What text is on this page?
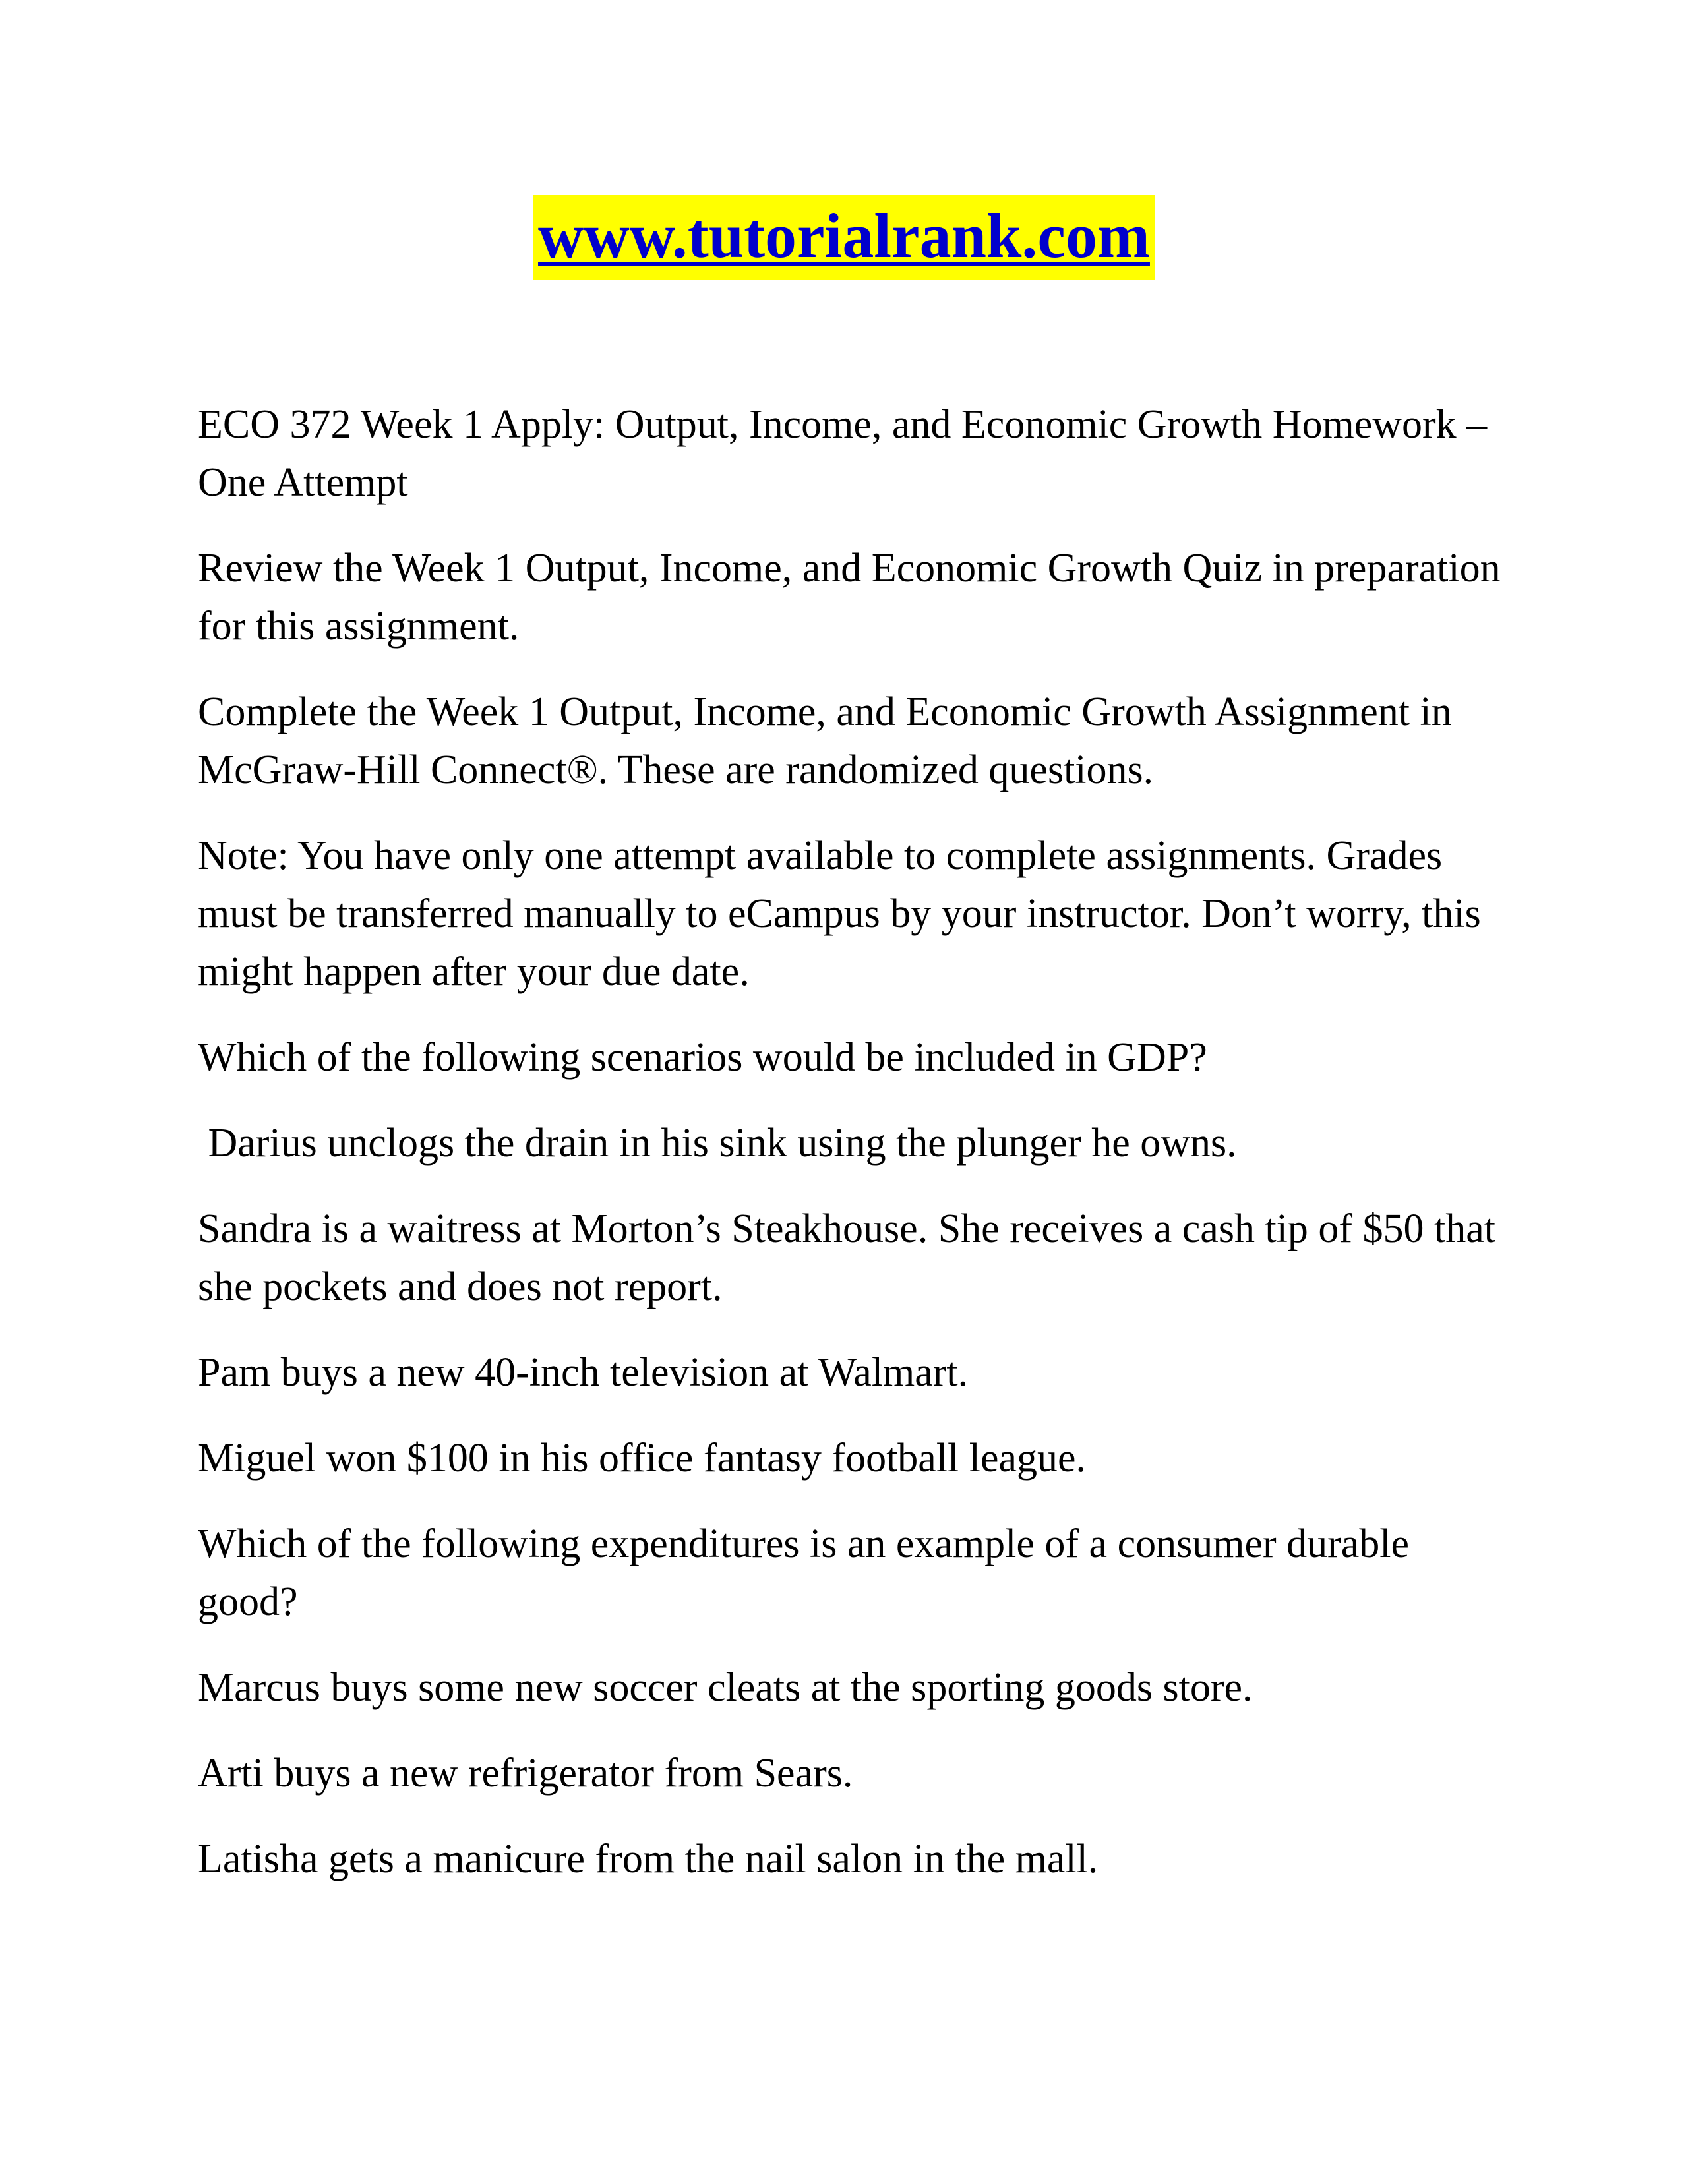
www.tutorialrank.com

ECO 372 Week 1 Apply: Output, Income, and Economic Growth Homework – One Attempt

Review the Week 1 Output, Income, and Economic Growth Quiz in preparation for this assignment.

Complete the Week 1 Output, Income, and Economic Growth Assignment in McGraw-Hill Connect®. These are randomized questions.

Note: You have only one attempt available to complete assignments. Grades must be transferred manually to eCampus by your instructor. Don’t worry, this might happen after your due date.

Which of the following scenarios would be included in GDP?

Darius unclogs the drain in his sink using the plunger he owns.

Sandra is a waitress at Morton’s Steakhouse. She receives a cash tip of $50 that she pockets and does not report.

Pam buys a new 40-inch television at Walmart.

Miguel won $100 in his office fantasy football league.

Which of the following expenditures is an example of a consumer durable good?

Marcus buys some new soccer cleats at the sporting goods store.

Arti buys a new refrigerator from Sears.

Latisha gets a manicure from the nail salon in the mall.
